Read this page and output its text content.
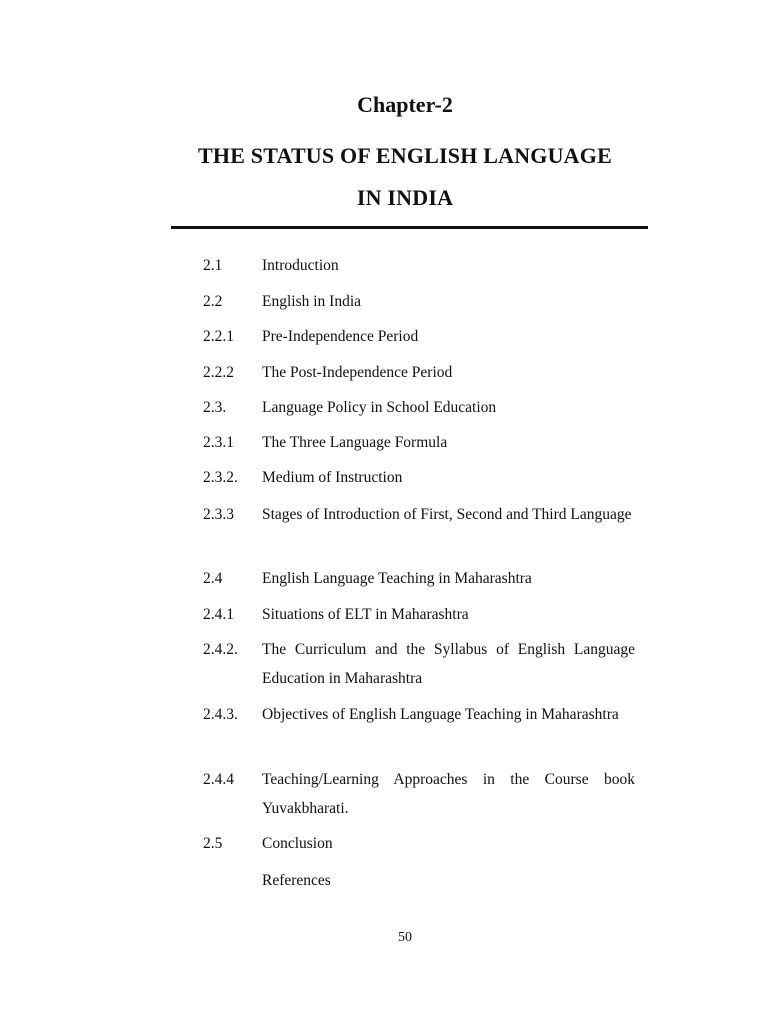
Chapter-2
THE STATUS OF ENGLISH LANGUAGE
IN INDIA
2.1	Introduction
2.2	English in India
2.2.1	Pre-Independence Period
2.2.2	The Post-Independence Period
2.3.	Language Policy in School Education
2.3.1	The Three Language Formula
2.3.2.	Medium of Instruction
2.3.3	Stages of Introduction of First, Second and Third Language
2.4	English Language Teaching in Maharashtra
2.4.1	Situations of ELT in Maharashtra
2.4.2.	The Curriculum and the Syllabus of English Language Education in Maharashtra
2.4.3.	Objectives of English Language Teaching in Maharashtra
2.4.4	Teaching/Learning Approaches in the Course book Yuvakbharati.
2.5	Conclusion
References
50
